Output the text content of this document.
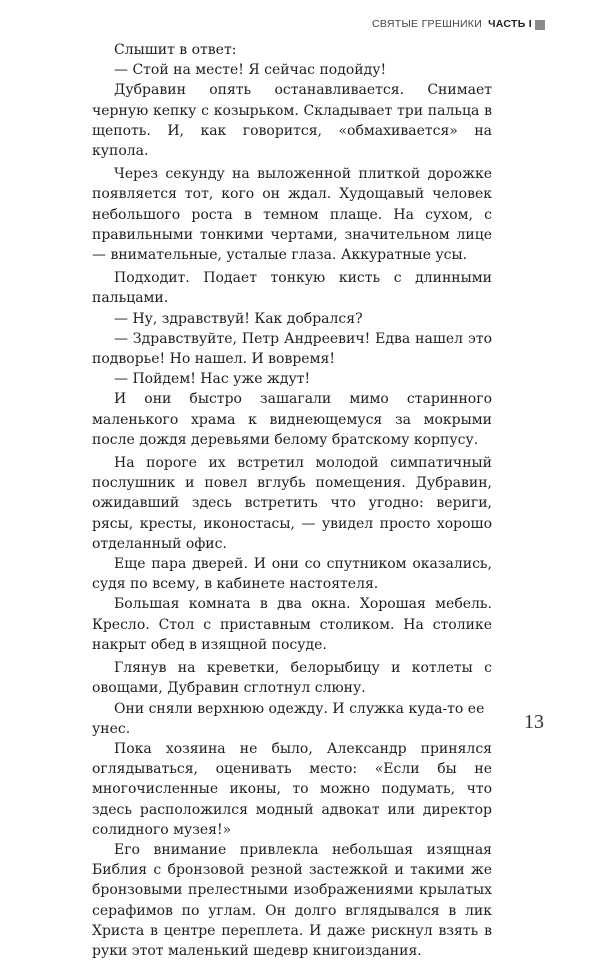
СВЯТЫЕ ГРЕШНИКИ ЧАСТЬ I

Слышит в ответ:

— Стой на месте! Я сейчас подойду!

Дубравин опять останавливается. Снимает черную кепку с козырьком. Складывает три пальца в щепоть. И, как говорится, «обмахивается» на купола.

Через секунду на выложенной плиткой дорожке появляется тот, кого он ждал. Худощавый человек небольшого роста в темном плаще. На сухом, с правильными тонкими чертами, значительном лице — внимательные, усталые глаза. Аккуратные усы.

Подходит. Подает тонкую кисть с длинными пальцами.

— Ну, здравствуй! Как добрался?

— Здравствуйте, Петр Андреевич! Едва нашел это подворье! Но нашел. И вовремя!

— Пойдем! Нас уже ждут!

И они быстро зашагали мимо старинного маленького храма к виднеющемуся за мокрыми после дождя деревьями белому братскому корпусу.

На пороге их встретил молодой симпатичный послушник и повел вглубь помещения. Дубравин, ожидавший здесь встретить что угодно: вериги, рясы, кресты, иконостасы, — увидел просто хорошо отделанный офис.

Еще пара дверей. И они со спутником оказались, судя по всему, в кабинете настоятеля.

Большая комната в два окна. Хорошая мебель. Кресло. Стол с приставным столиком. На столике накрыт обед в изящной посуде.

Глянув на креветки, белорыбицу и котлеты с овощами, Дубравин сглотнул слюну.

Они сняли верхнюю одежду. И служка куда-то ее унес.

Пока хозяина не было, Александр принялся оглядываться, оценивать место: «Если бы не многочисленные иконы, то можно подумать, что здесь расположился модный адвокат или директор солидного музея!»

Его внимание привлекла небольшая изящная Библия с бронзовой резной застежкой и такими же бронзовыми прелестными изображениями крылатых серафимов по углам. Он долго вглядывался в лик Христа в центре переплета. И даже рискнул взять в руки этот маленький шедевр книгоиздания.

13
